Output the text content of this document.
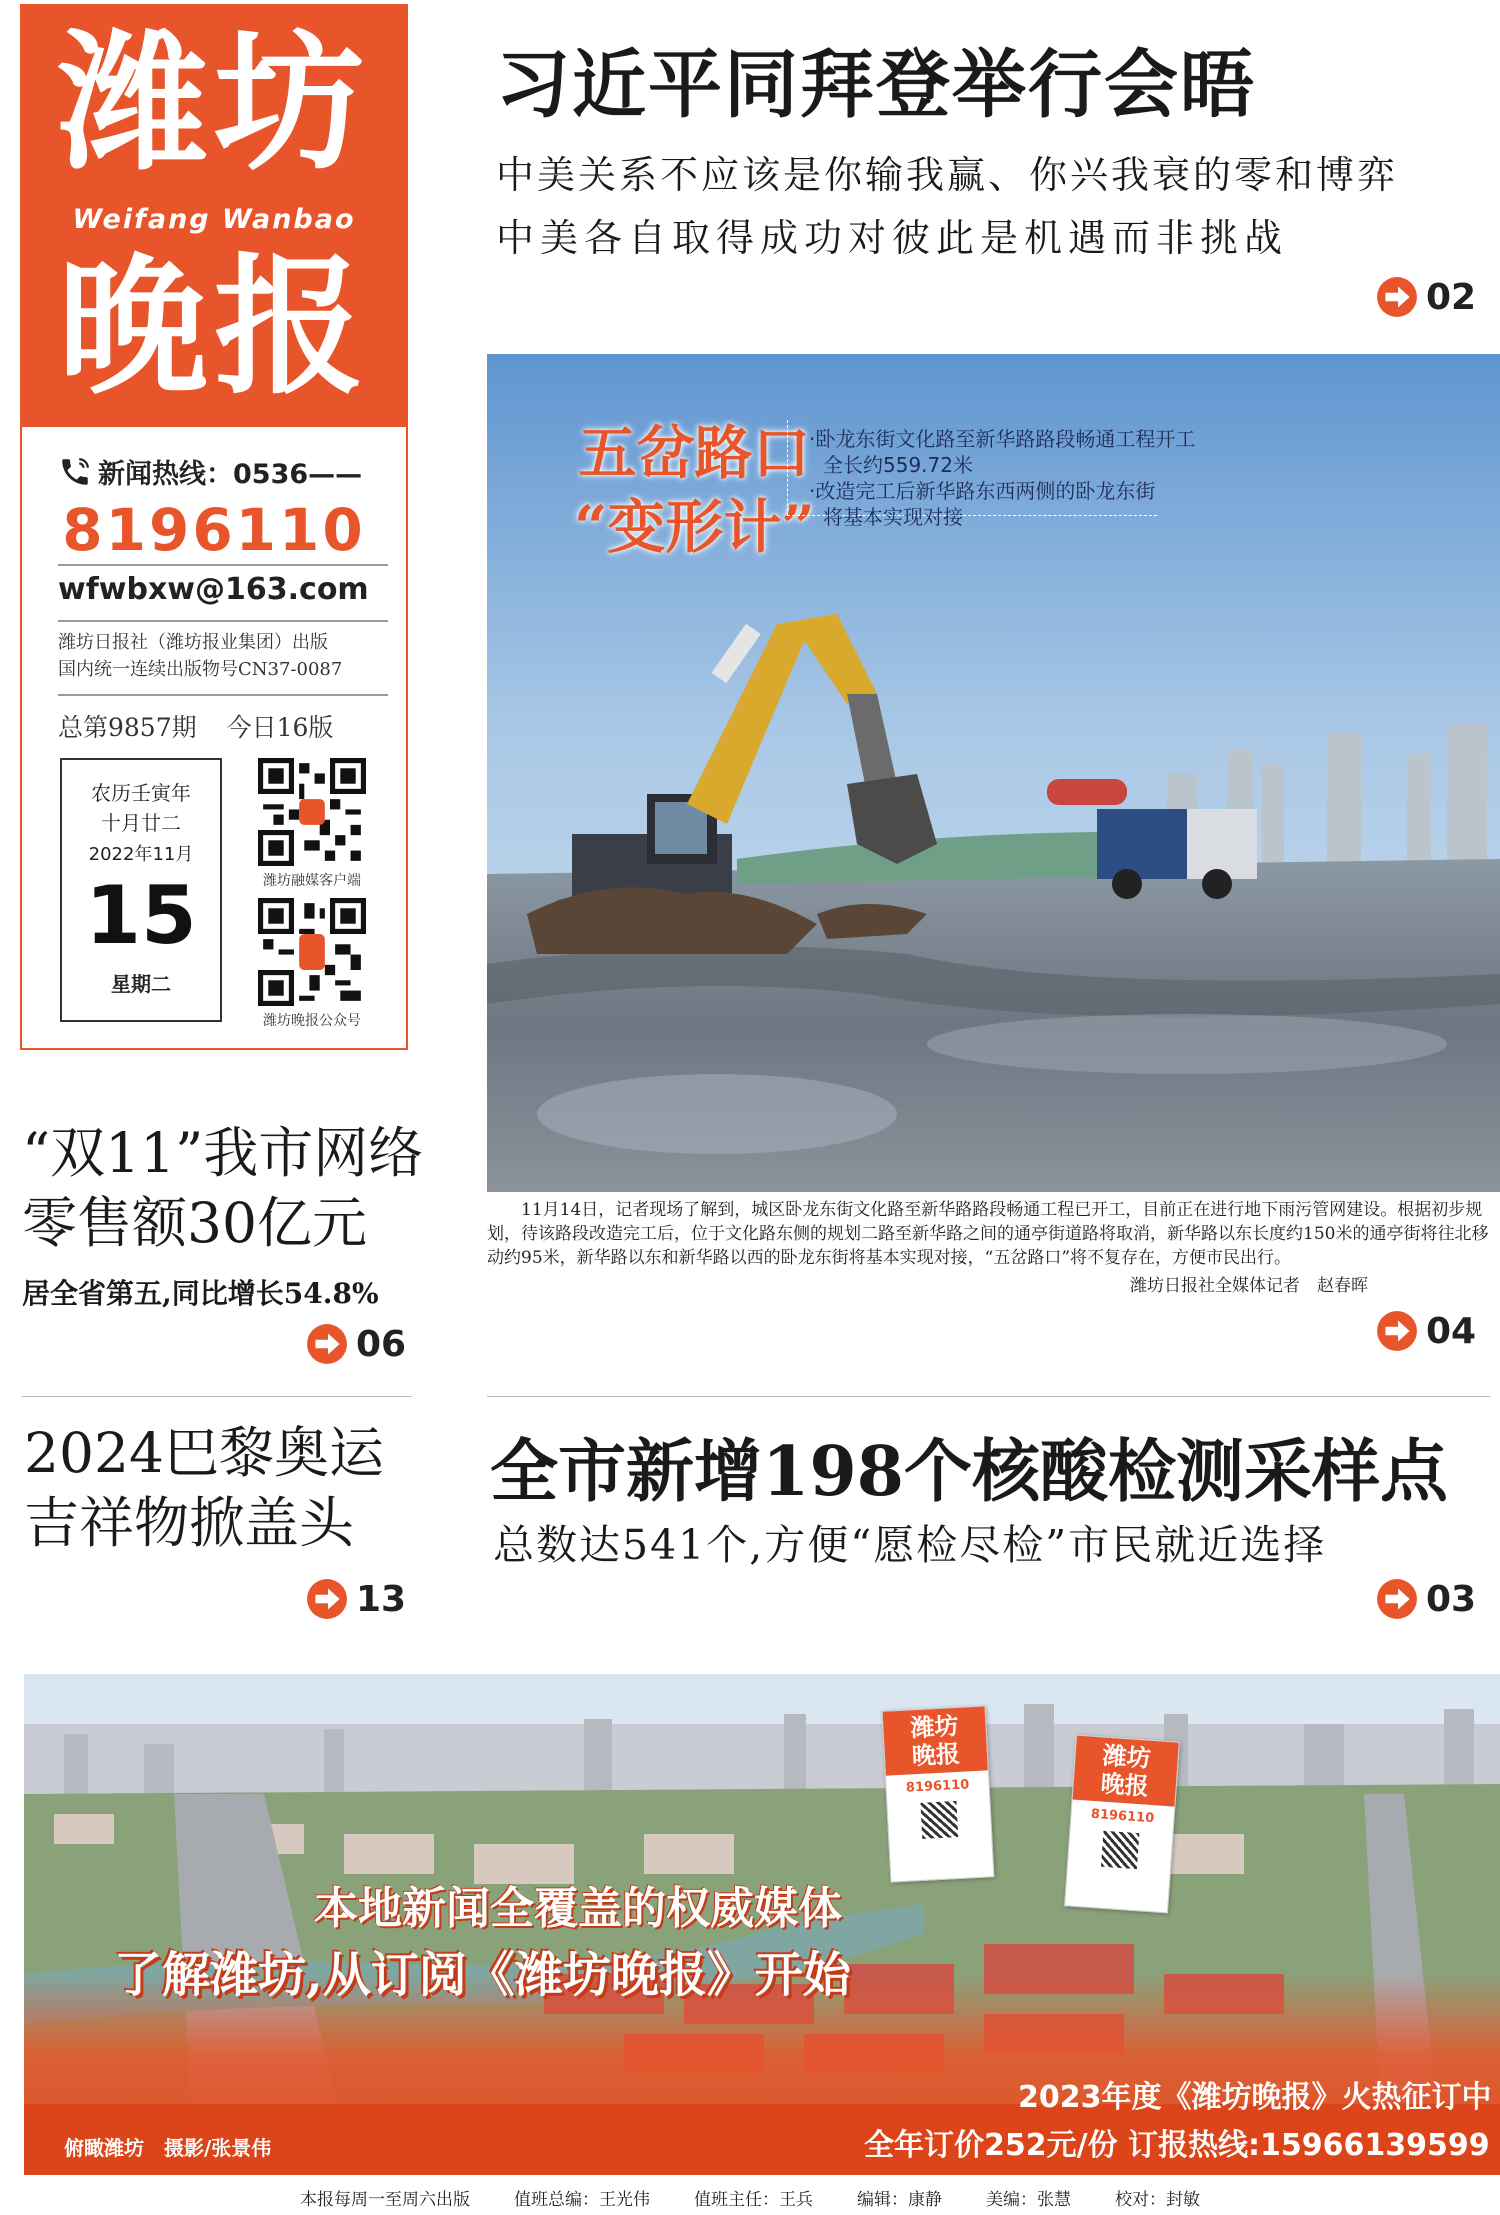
潍坊
Weifang Wanbao
晚报
新闻热线：0536——
8196110
wfwbxw@163.com
潍坊日报社（潍坊报业集团）出版
国内统一连续出版物号CN37-0087
总第9857期 今日16版
农历壬寅年
十月廿二
2022年11月
15
星期二
潍坊融媒客户端
潍坊晚报公众号
习近平同拜登举行会晤
中美关系不应该是你输我赢、你兴我衰的零和博弈
中美各自取得成功对彼此是机遇而非挑战
02
五岔路口
“变形计”
·卧龙东街文化路至新华路路段畅通工程开工
全长约559.72米
·改造完工后新华路东西两侧的卧龙东街
将基本实现对接
11月14日，记者现场了解到，城区卧龙东街文化路至新华路路段畅通工程已开工，目前正在进行地下雨污管网建设。根据初步规划，待该路段改造完工后，位于文化路东侧的规划二路至新华路之间的通亭街道路将取消，新华路以东长度约150米的通亭街将往北移动约95米，新华路以东和新华路以西的卧龙东街将基本实现对接，“五岔路口”将不复存在，方便市民出行。
潍坊日报社全媒体记者　赵春晖
04
“双11”我市网络
零售额30亿元
居全省第五,同比增长54.8%
06
2024巴黎奥运
吉祥物掀盖头
13
全市新增198个核酸检测采样点
总数达541个,方便“愿检尽检”市民就近选择
03
潍坊
晚报
8196110
潍坊
晚报
8196110
本地新闻全覆盖的权威媒体
了解潍坊,从订阅《潍坊晚报》开始
2023年度《潍坊晚报》火热征订中
全年订价252元/份 订报热线:15966139599
俯瞰潍坊　摄影/张景伟
本报每周一至周六出版	值班总编：王光伟	值班主任：王兵	编辑：康静	美编：张慧	校对：封敏
